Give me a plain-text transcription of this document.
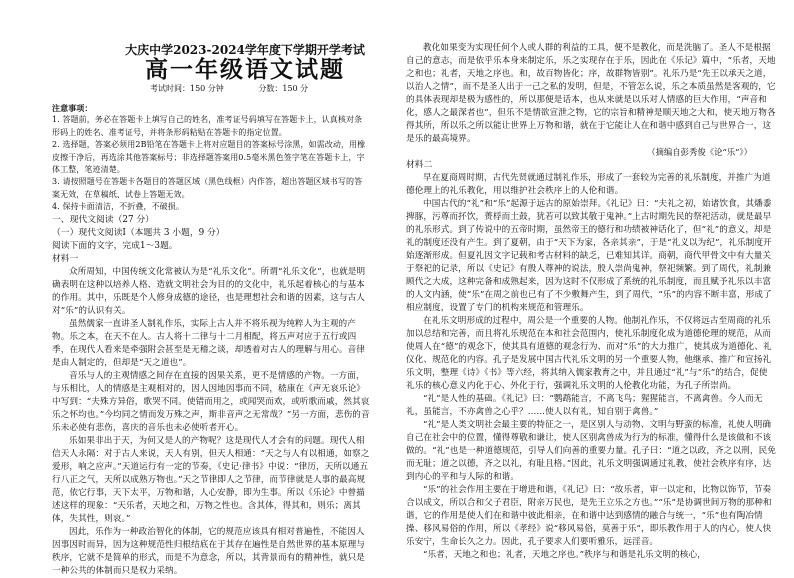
大庆中学2023-2024学年度下学期开学考试
高一年级语文试题
考试时间：150 分钟	分数：150 分

注意事项：

1. 答题前，务必在答题卡上填写自己的姓名，准考证号码填写在答题卡上，认真核对条形码上的姓名、准考证号，并将条形码粘贴在答题卡的指定位置。

2. 选择题，答案必须用2B铅笔在答题卡上将对应题目的答案标号涂黑，如需改动，用橡皮擦干净后，再选涂其他答案标号；非选择题答案用0.5毫米黑色签字笔在答题卡上，字体工整，笔迹清楚。

3. 请按照题号在答题卡各题目的答题区域（黑色线框）内作答，超出答题区域书写的答案无效，在草稿纸、试卷上答题无效。

4. 保持卡面清洁，不折叠，不破损。

一、现代文阅读（27 分）

（一）现代文阅读Ⅰ（本题共 3 小题，9 分）

阅读下面的文字，完成1～3题。

材料一

众所周知，中国传统文化常被认为是“礼乐文化”。所谓“礼乐文化”，也就是明确表明在这种以培养人格、造就文明社会为目的的文化中，礼乐起着核心的与基本的作用。其中，乐既是个人修身成德的途径，也是理想社会和谐的因素，这与古人对“乐”的认识有关。

虽然儒家一直讲圣人制礼作乐，实际上古人并不将乐视为纯粹人为主观的产物。乐之本，在天不在人。古人将十二律与十二月相配，将五声对应于五行或四季，在现代人看来是牵强附会甚至是无稽之谈，却透着对古人的理解与用心。音律是由人制定的，但却是“天之道也”。

音乐与人的主观情感之间存在直接的因果关系，更不是情感的产物。一方面，与乐相比，人的情感是主观相对的，因人因地因事而不同，嵇康在《声无哀乐论》中写到：“夫殊方异俗，歌哭不同。使错而用之，或闻哭而欢，或听歌而戚，然其哀乐之怀均也。”今均同之情而发万殊之声，斯非音声之无常哉？”另一方面，悲伤的音乐未必使有悲伤，喜庆的音乐也未必使听者开心。

乐如果非出于天，为何又是人的产物呢？这是现代人才会有的问题。现代人相信天人永隔：对于古人来说，天人有别，但天人相通：“天之与人有以相通，如察之爱形，响之应声。”天道运行有一定的节奏，《史记·律书》中说：“律历，天所以通五行八正之气，天所以成熟万物也。”天之节律即人之节律，而节律就是人事的最高规范，依它行事，天下太平，万物和谐，人心安静，即为生事。所以《乐论》中曾描述这样的现象：“天乐者，天地之和，万物之性也。含其体，得其和，则乐；离其体，失其性，则哀。”

因此，乐作为一种政治智化的体制，它的规范应该具有相对普遍性，不能因人因事因时而异，因为这种规范性归根结底在于其存在遍性是自然世界的基本原理与秩序，它就不是简单的形式，而是不为意念，所以，其背景而有的精神性，就只是一种公共的体制而只是权力采纳。

教化如果变为实现任何个人或人群的利益的工具，便不是教化，而是洗脑了。圣人不是根据自己的意志，而是依乎乐本身来制定乐，乐之实现存在于乐，因此在《乐记》篇中，“乐者，天地之和也；礼者，天地之序也。和，故百物皆化；序，故群物皆别”。礼乐乃是“先王以承天之道，以治人之情”，而不是圣人出于一己之私的发明，但是，不管怎么说，乐之本质虽然是客观的，它的具体表现却是极为感性的，所以那便是话本，也从来就是以乐对人情感的巨大作用，“声音和化，感人之最深者也”，但乐不是情欲宣泄之物，它的宗旨和精神是顺天地之大和，使天地万物各得其所，所以乐之所以能让世界上万物和谐，就在于它能让人在和谐中感到自己与世界合一，这是乐的最高境界。

（摘编自彭秀俊《论“乐”》）

材料二

早在夏商周时期，古代先贤就通过制礼作乐，形成了一套较为完善的礼乐制度，并推广为道德伦理上的礼乐教化，用以维护社会秩序上的人伦和谐。

中国古代的“礼”和“乐”起源于远古的原始崇拜。《礼记》曰：“夫礼之初，始诸饮食，其燔黍捭豚，污尊而抔饮，蒉桴而土鼓，犹若可以致其敬于鬼神。”上古时期先民的祭祀活动，就是最早的礼乐形式。到了传说中的五帝时期，虽然帝王的德行和功绩被神话化了，但“礼”的意义，却是礼的制度还没有产生。到了夏朝，由于“天下为家，各亲其亲”，于是“礼义以为纪”，礼乐制度开始逐渐形成。但夏礼因文字记载和考古材料的缺乏，已难知其详。商朝，商代甲骨文中有大量关于祭祀的记录，所以《史记》有殷人尊神的说法，殷人崇尚鬼神，祭祀频繁。到了周代，礼制兼顾代之大成，这种完备和成熟起来，因为这时不仅形成了系统的礼乐制度，而且赋予礼乐以丰富的人文内涵，使“乐”在周之前也已有了不少敷舞产生，到了周代，“乐”的内容不断丰富，形成了相应制度，设置了专门的机构来规范和管理乐。

在礼乐文明形成的过程中，周公是一个重要的人物。他制礼作乐，不仅将远古至周商的礼乐加以总结和完善，而且将礼乐规范在本和社会范围内，使礼乐制度化成为道德伦理的规范，从而使周人在“德”的观念下，使其具有道德的观念行为、而对“乐”的大力推广，使其成为道德化、礼仪化、规范化的内容。孔子是发展中国古代礼乐文明的另一个重要人物，他继承、推广和宣扬礼乐文明，整理《诗》《书》等六经，将其纳入儒家教育之中，并且通过“礼”与“乐”的结合，促使礼乐的核心意义内化于心、外化于行，强调礼乐文明的人伦教化功能，为孔子所崇尚。

“礼”是人性的基础。《礼记》曰：“鹦鹉能言，不离飞鸟；猩猩能言，不离禽兽。今人而无礼，虽能言，不亦禽兽之心乎？……使人以有礼，知自别于禽兽。”

“礼”是人类文明社会最主要的特征之一，是区别人与动物、文明与野蛮的标准，礼使人明确自己在社会中的位置，懂得尊敬和谦让，使人区别禽兽成为行为的标准，懂得什么是该做和不该做的。“礼”也是一种道德规范，引导人们向善的重要力量。孔子曰：“道之以政，齐之以刑，民免而无耻；道之以德，齐之以礼，有耻且格。”因此，礼乐文明强调通过礼教，使社会秩序有序，达到内心的平和与人际的和谐。

“乐”的社会作用主要在于增进和谐，《礼记》曰：“故乐者，审一以定和，比物以饰节，节奏合以成文，所以合和父子君臣，附亲万民也，是先王立乐之方也。”“乐”是协调世间万物的那种和谐，它的作用是使人们在和谐中彼此相亲，在和谐中达到感情的融合与统一，“乐”也有陶冶情操、移风易俗的作用，所以《孝经》说“移风易俗，莫善于乐”，即乐教作用于人的内心，使人快乐安宁，生命长久之力。因此，孔子要求人们要听雅乐，远淫音。

“乐者，天地之和也；礼者，天地之序也。”秩序与和谐是礼乐文明的核心，
